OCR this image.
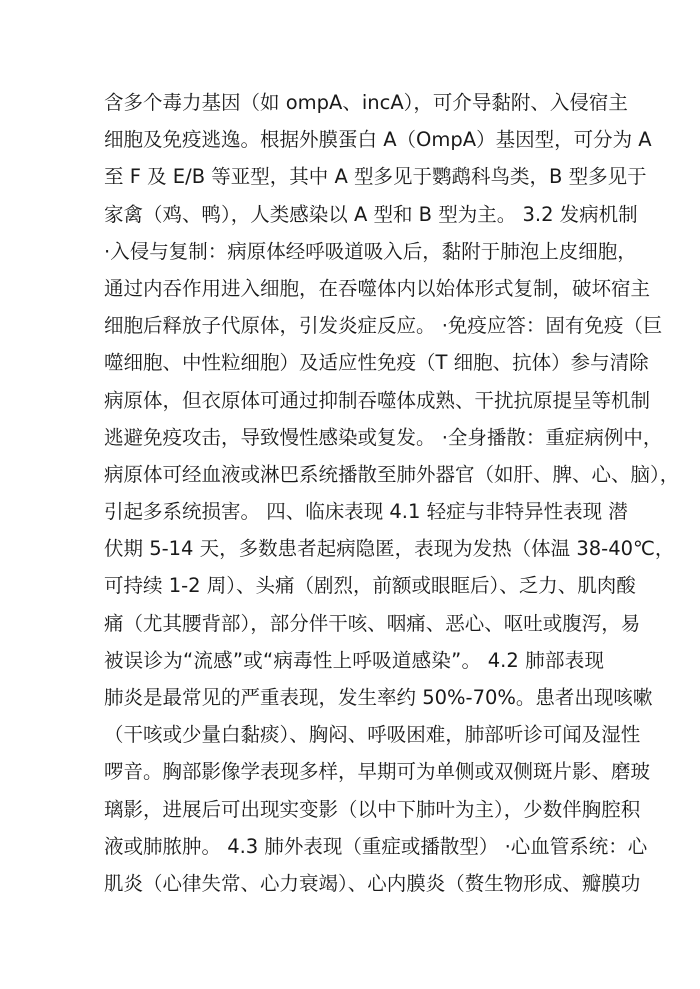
含多个毒力基因（如 ompA、incA），可介导黏附、入侵宿主
细胞及免疫逃逸。根据外膜蛋白 A（OmpA）基因型，可分为 A
至 F 及 E/B 等亚型，其中 A 型多见于鹦鹉科鸟类，B 型多见于
家禽（鸡、鸭），人类感染以 A 型和 B 型为主。 3.2 发病机制
·入侵与复制：病原体经呼吸道吸入后，黏附于肺泡上皮细胞，
通过内吞作用进入细胞，在吞噬体内以始体形式复制，破坏宿主
细胞后释放子代原体，引发炎症反应。 ·免疫应答：固有免疫（巨
噬细胞、中性粒细胞）及适应性免疫（T 细胞、抗体）参与清除
病原体，但衣原体可通过抑制吞噬体成熟、干扰抗原提呈等机制
逃避免疫攻击，导致慢性感染或复发。 ·全身播散：重症病例中，
病原体可经血液或淋巴系统播散至肺外器官（如肝、脾、心、脑），
引起多系统损害。 四、临床表现 4.1 轻症与非特异性表现 潜
伏期 5-14 天，多数患者起病隐匿，表现为发热（体温 38-40℃，
可持续 1-2 周）、头痛（剧烈，前额或眼眶后）、乏力、肌肉酸
痛（尤其腰背部），部分伴干咳、咽痛、恶心、呕吐或腹泻，易
被误诊为“流感”或“病毒性上呼吸道感染”。 4.2 肺部表现
肺炎是最常见的严重表现，发生率约 50%-70%。患者出现咳嗽
（干咳或少量白黏痰）、胸闷、呼吸困难，肺部听诊可闻及湿性
啰音。胸部影像学表现多样，早期可为单侧或双侧斑片影、磨玻
璃影，进展后可出现实变影（以中下肺叶为主），少数伴胸腔积
液或肺脓肿。 4.3 肺外表现（重症或播散型） ·心血管系统：心
肌炎（心律失常、心力衰竭）、心内膜炎（赘生物形成、瓣膜功
